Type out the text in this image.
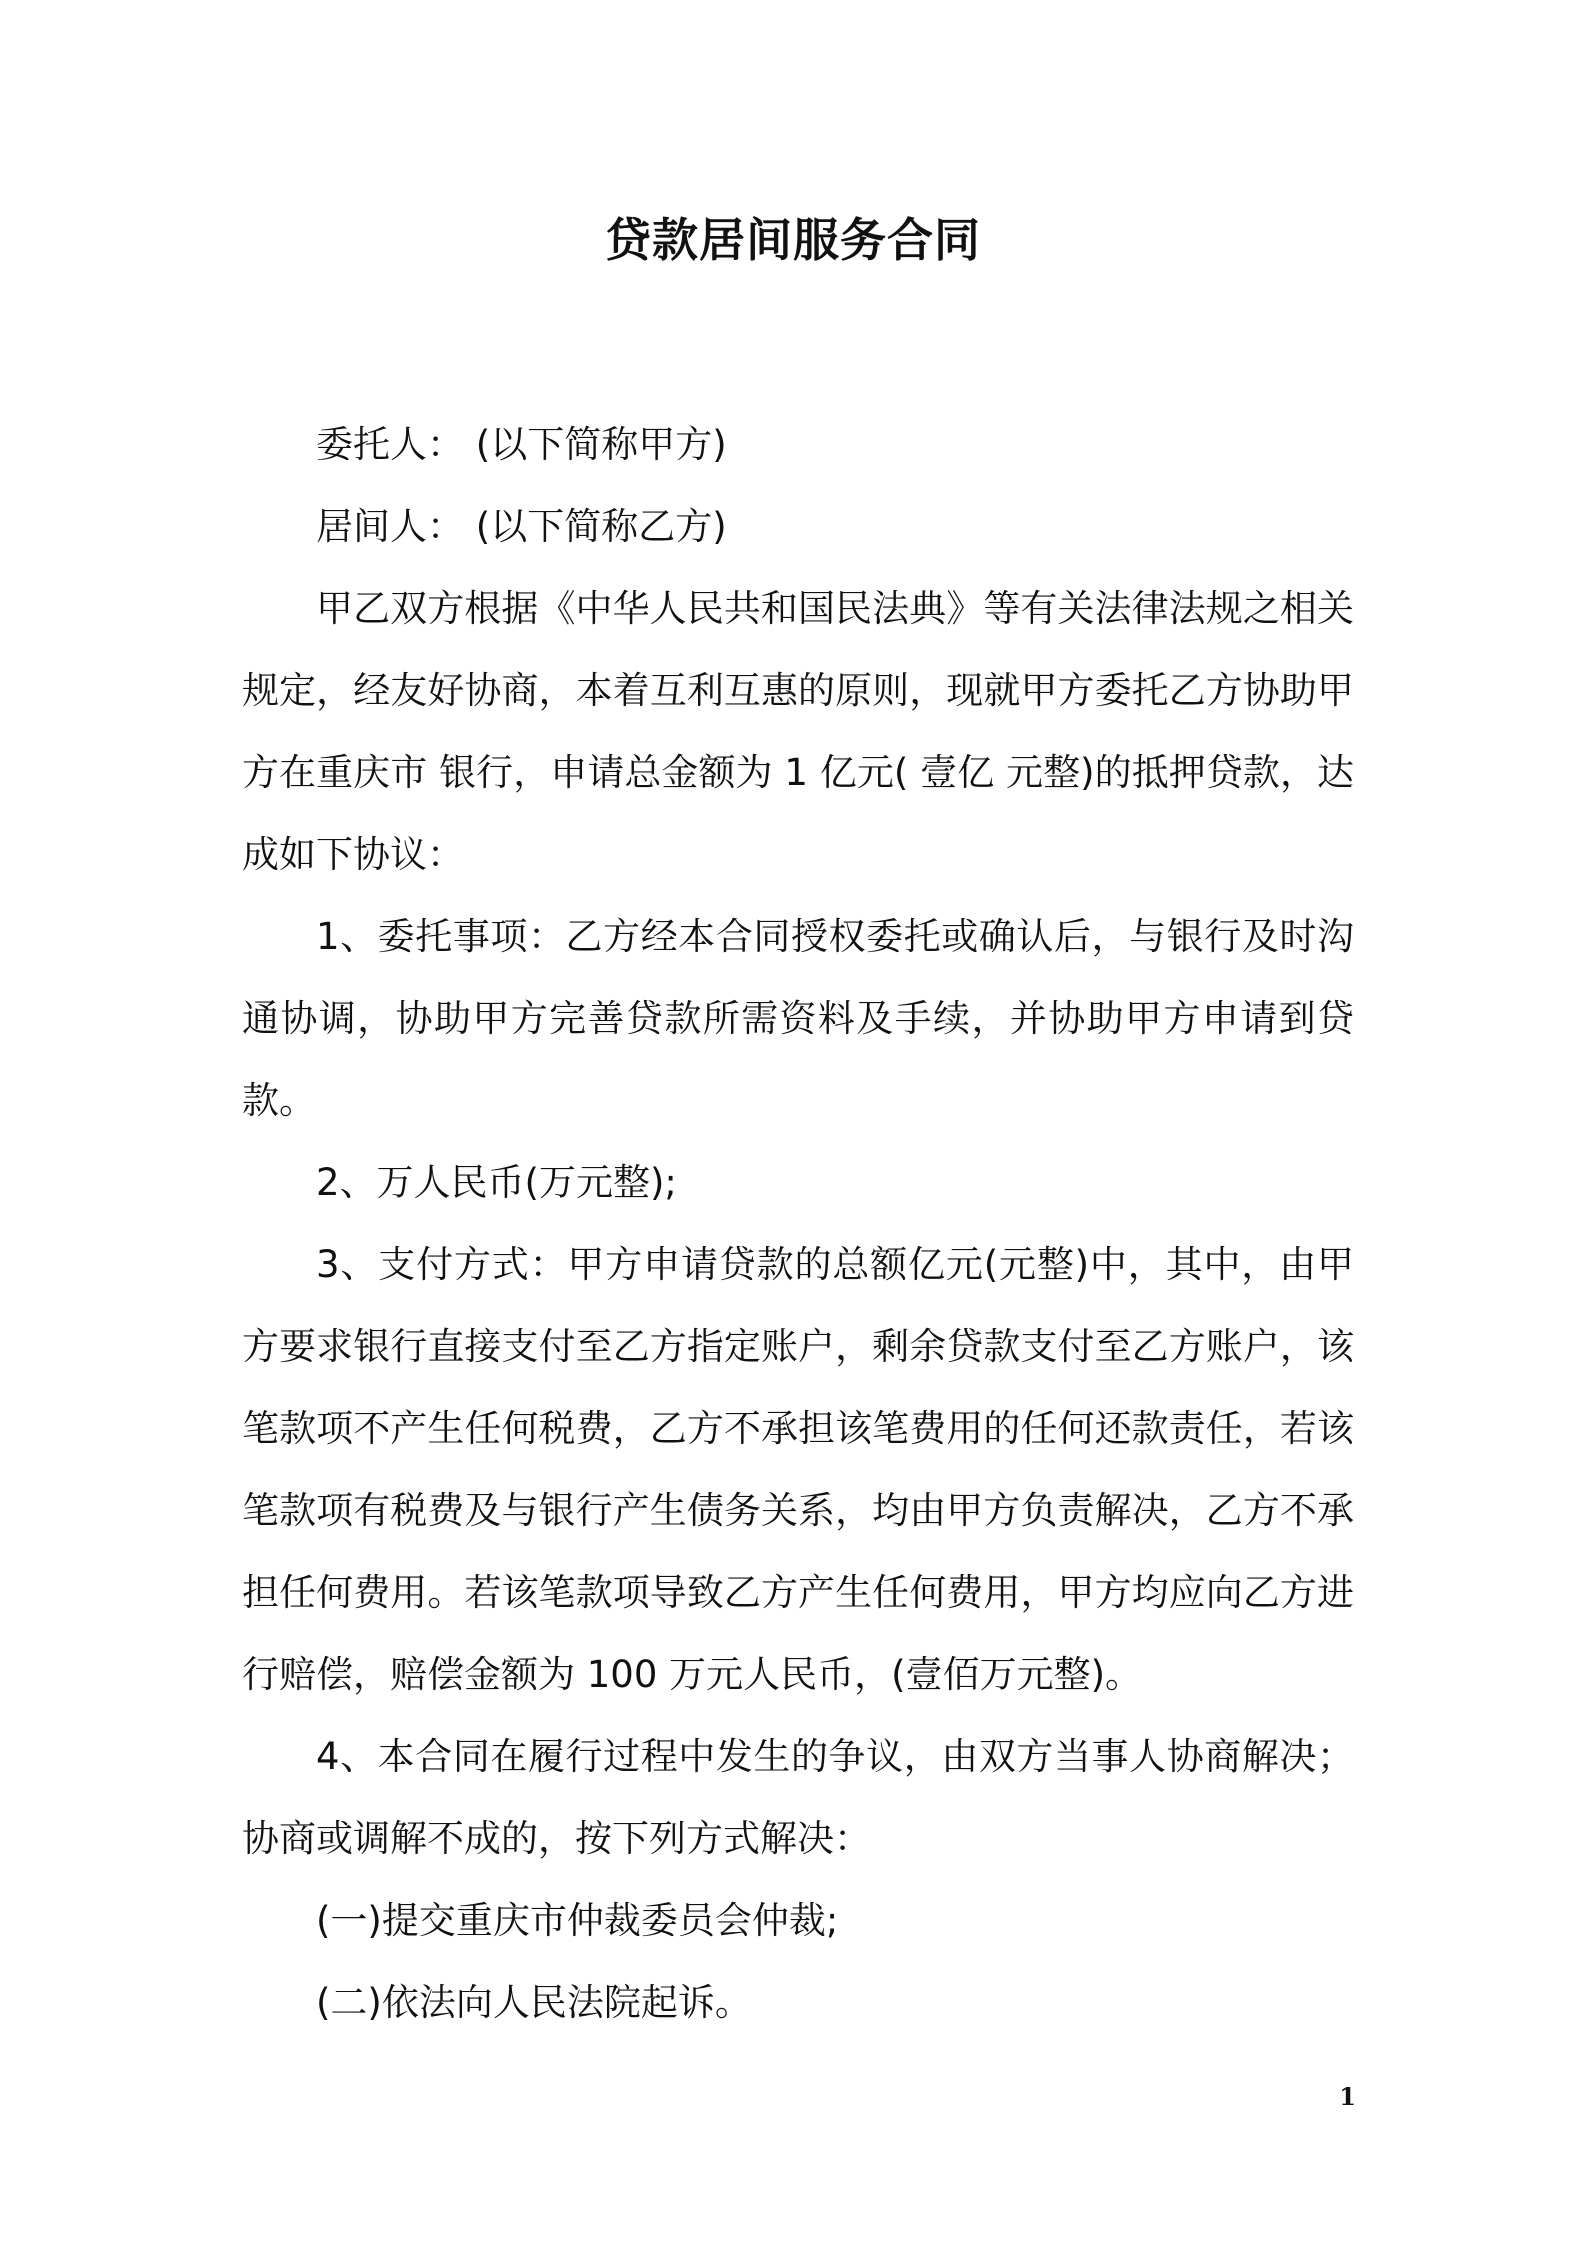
贷款居间服务合同

委托人： (以下简称甲方)

居间人： (以下简称乙方)

甲乙双方根据《中华人民共和国民法典》等有关法律法规之相关规定，经友好协商，本着互利互惠的原则，现就甲方委托乙方协助甲方在重庆市 银行，申请总金额为 1 亿元( 壹亿 元整)的抵押贷款，达成如下协议：

1、委托事项：乙方经本合同授权委托或确认后，与银行及时沟通协调，协助甲方完善贷款所需资料及手续，并协助甲方申请到贷款。

2、万人民币(万元整);

3、支付方式：甲方申请贷款的总额亿元(元整)中，其中，由甲方要求银行直接支付至乙方指定账户，剩余贷款支付至乙方账户，该笔款项不产生任何税费，乙方不承担该笔费用的任何还款责任，若该笔款项有税费及与银行产生债务关系，均由甲方负责解决，乙方不承担任何费用。若该笔款项导致乙方产生任何费用，甲方均应向乙方进行赔偿，赔偿金额为 100 万元人民币，(壹佰万元整)。

4、本合同在履行过程中发生的争议，由双方当事人协商解决；协商或调解不成的，按下列方式解决：

(一)提交重庆市仲裁委员会仲裁;

(二)依法向人民法院起诉。

1
